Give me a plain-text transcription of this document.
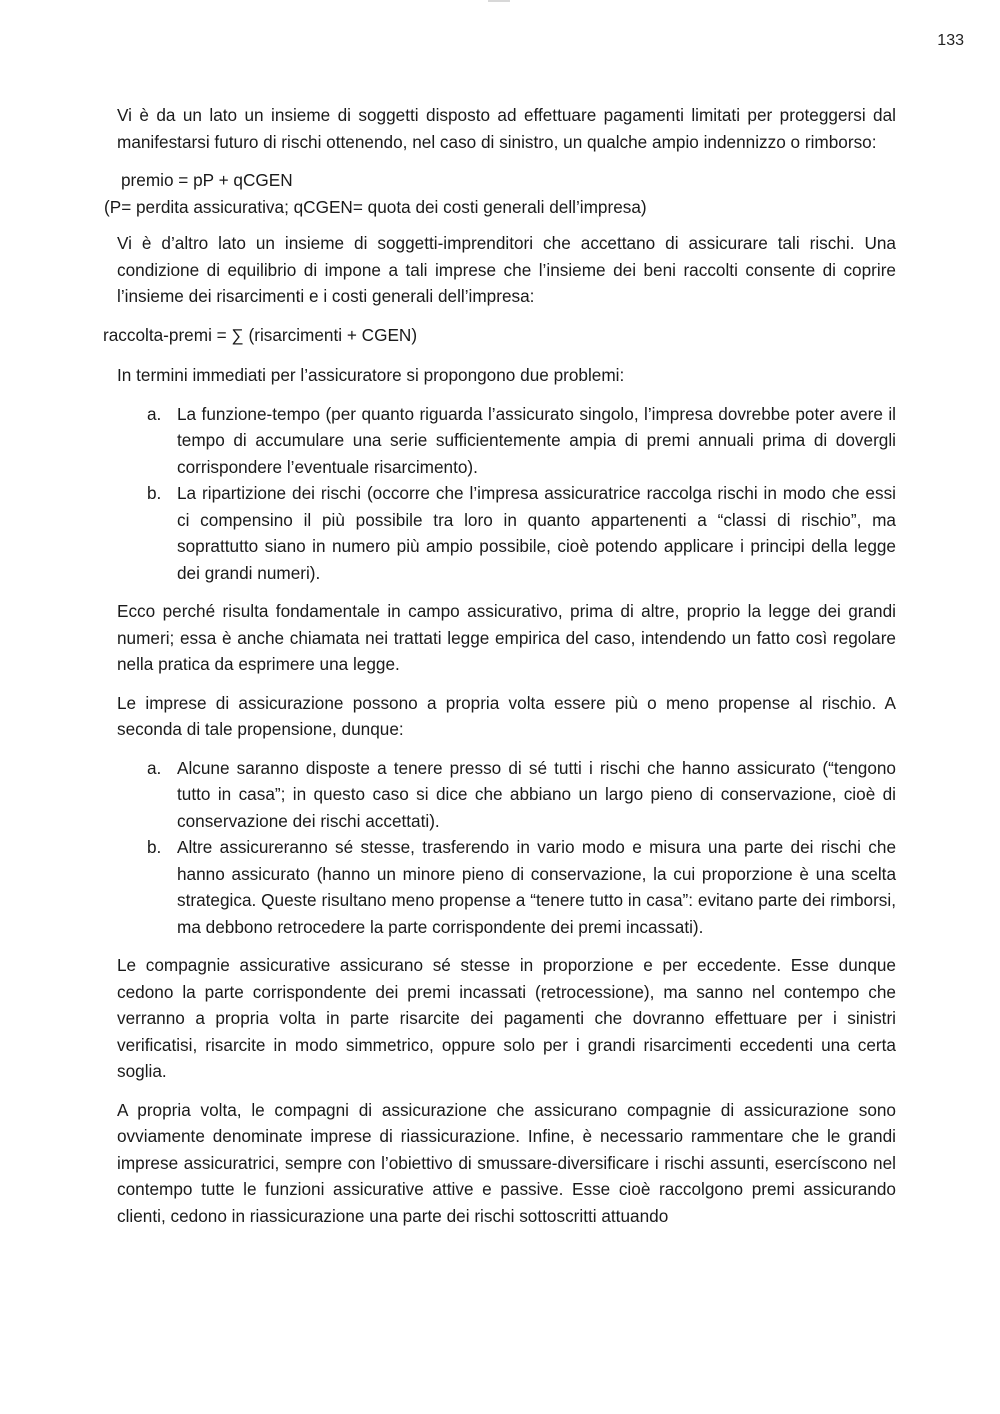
133

Vi è da un lato un insieme di soggetti disposto ad effettuare pagamenti limitati per proteggersi dal manifestarsi futuro di rischi ottenendo, nel caso di sinistro, un qualche ampio indennizzo o rimborso:

premio = pP + qCGEN

(P= perdita assicurativa; qCGEN= quota dei costi generali dell’impresa)

Vi è d’altro lato un insieme di soggetti-imprenditori che accettano di assicurare tali rischi. Una condizione di equilibrio di impone a tali imprese che l’insieme dei beni raccolti consente di coprire l’insieme dei risarcimenti e i costi generali dell’impresa:

raccolta-premi = ∑ (risarcimenti + CGEN)

In termini immediati per l’assicuratore si propongono due problemi:

a. La funzione-tempo (per quanto riguarda l’assicurato singolo, l’impresa dovrebbe poter avere il tempo di accumulare una serie sufficientemente ampia di premi annuali prima di dovergli corrispondere l’eventuale risarcimento).
b. La ripartizione dei rischi (occorre che l’impresa assicuratrice raccolga rischi in modo che essi ci compensino il più possibile tra loro in quanto appartenenti a “classi di rischio”, ma soprattutto siano in numero più ampio possibile, cioè potendo applicare i principi della legge dei grandi numeri).

Ecco perché risulta fondamentale in campo assicurativo, prima di altre, proprio la legge dei grandi numeri; essa è anche chiamata nei trattati legge empirica del caso, intendendo un fatto così regolare nella pratica da esprimere una legge.

Le imprese di assicurazione possono a propria volta essere più o meno propense al rischio. A seconda di tale propensione, dunque:

a. Alcune saranno disposte a tenere presso di sé tutti i rischi che hanno assicurato (“tengono tutto in casa”; in questo caso si dice che abbiano un largo pieno di conservazione, cioè di conservazione dei rischi accettati).
b. Altre assicureranno sé stesse, trasferendo in vario modo e misura una parte dei rischi che hanno assicurato (hanno un minore pieno di conservazione, la cui proporzione è una scelta strategica. Queste risultano meno propense a “tenere tutto in casa”: evitano parte dei rimborsi, ma debbono retrocedere la parte corrispondente dei premi incassati).

Le compagnie assicurative assicurano sé stesse in proporzione e per eccedente. Esse dunque cedono la parte corrispondente dei premi incassati (retrocessione), ma sanno nel contempo che verranno a propria volta in parte risarcite dei pagamenti che dovranno effettuare per i sinistri verificatisi, risarcite in modo simmetrico, oppure solo per i grandi risarcimenti eccedenti una certa soglia.

A propria volta, le compagni di assicurazione che assicurano compagnie di assicurazione sono ovviamente denominate imprese di riassicurazione. Infine, è necessario rammentare che le grandi imprese assicuratrici, sempre con l’obiettivo di smussare-diversificare i rischi assunti, esercíscono nel contempo tutte le funzioni assicurative attive e passive. Esse cioè raccolgono premi assicurando clienti, cedono in riassicurazione una parte dei rischi sottoscritti attuando
